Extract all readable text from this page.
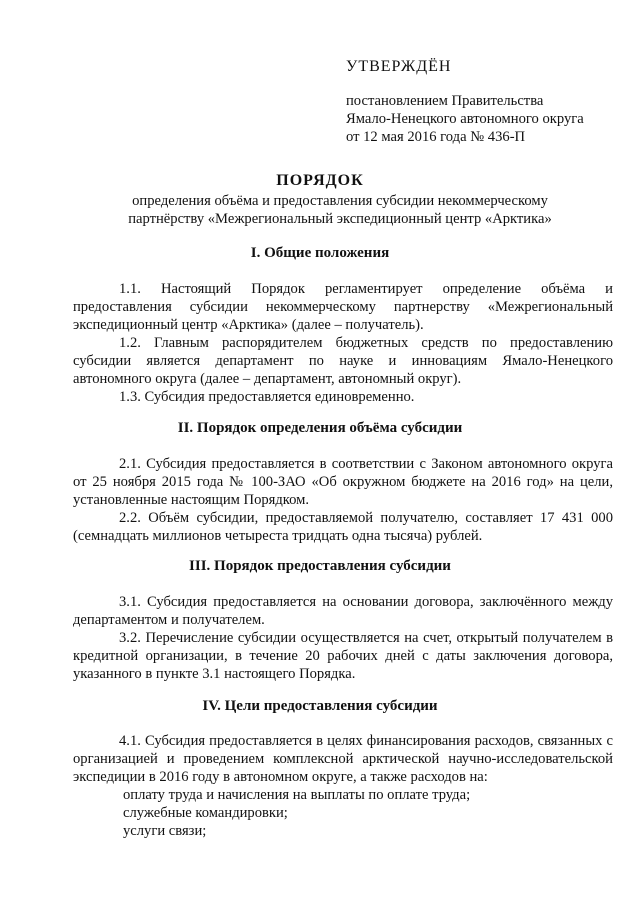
УТВЕРЖДЁН
постановлением Правительства
Ямало-Ненецкого автономного округа
от 12 мая 2016 года № 436-П
ПОРЯДОК
определения объёма и предоставления субсидии некоммерческому партнёрству «Межрегиональный экспедиционный центр «Арктика»
I. Общие положения
1.1. Настоящий Порядок регламентирует определение объёма и предоставления субсидии некоммерческому партнерству «Межрегиональный экспедиционный центр «Арктика» (далее – получатель).
1.2. Главным распорядителем бюджетных средств по предоставлению субсидии является департамент по науке и инновациям Ямало-Ненецкого автономного округа (далее – департамент, автономный округ).
1.3. Субсидия предоставляется единовременно.
II. Порядок определения объёма субсидии
2.1. Субсидия предоставляется в соответствии с Законом автономного округа от 25 ноября 2015 года № 100-ЗАО «Об окружном бюджете на 2016 год» на цели, установленные настоящим Порядком.
2.2. Объём субсидии, предоставляемой получателю, составляет 17 431 000 (семнадцать миллионов четыреста тридцать одна тысяча) рублей.
III. Порядок предоставления субсидии
3.1. Субсидия предоставляется на основании договора, заключённого между департаментом и получателем.
3.2. Перечисление субсидии осуществляется на счет, открытый получателем в кредитной организации, в течение 20 рабочих дней с даты заключения договора, указанного в пункте 3.1 настоящего Порядка.
IV. Цели предоставления субсидии
4.1. Субсидия предоставляется в целях финансирования расходов, связанных с организацией и проведением комплексной арктической научно-исследовательской экспедиции в 2016 году в автономном округе, а также расходов на:
оплату труда и начисления на выплаты по оплате труда;
служебные командировки;
услуги связи;
